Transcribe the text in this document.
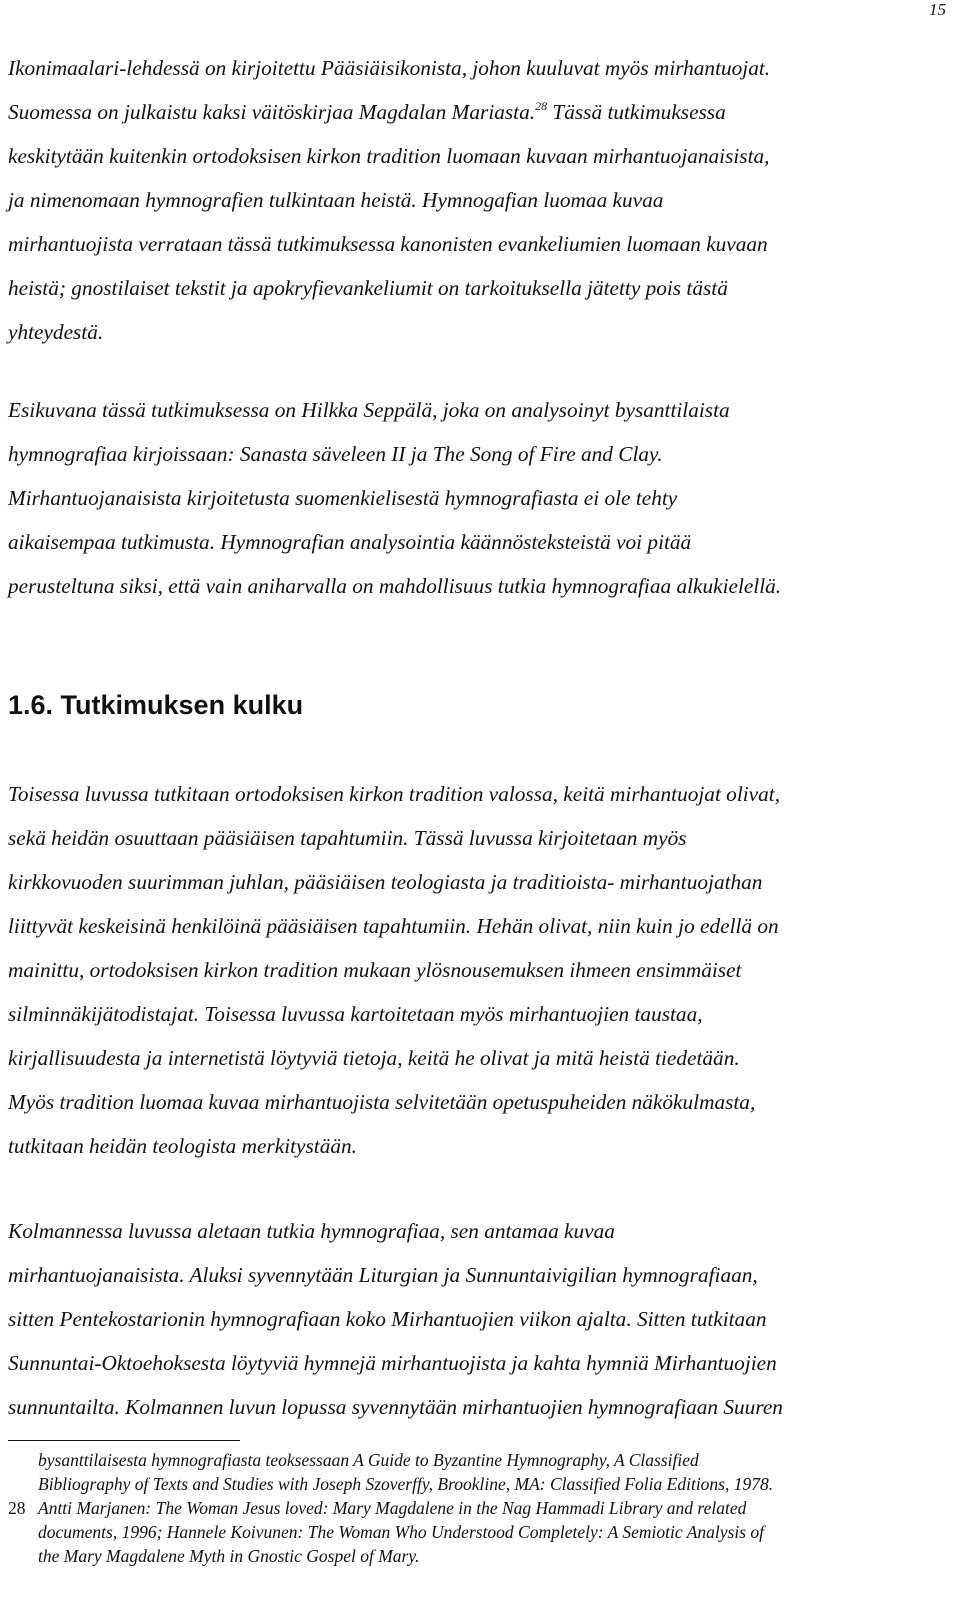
15

Ikonimaalari-lehdessä on kirjoitettu Pääsiäisikonista, johon kuuluvat myös mirhantuojat.
Suomessa on julkaistu kaksi väitöskirjaa Magdalan Mariasta.$^{28}$ Tässä tutkimuksessa
keskitytään kuitenkin ortodoksisen kirkon tradition luomaan kuvaan mirhantuojanaisista,
ja nimenomaan hymnografien tulkintaan heistä. Hymnogafian luomaa kuvaa
mirhantuojista verrataan tässä tutkimuksessa kanonisten evankeliumien luomaan kuvaan
heistä; gnostilaiset tekstit ja apokryfievankeliumit on tarkoituksella jätetty pois tästä
yhteydestä.

Esikuvana tässä tutkimuksessa on Hilkka Seppälä, joka on analysoinyt bysanttilaista
hymnografiaa kirjoissaan: Sanasta säveleen II ja The Song of Fire and Clay.
Mirhantuojanaisista kirjoitetusta suomenkielisestä hymnografiasta ei ole tehty
aikaisempaa tutkimusta. Hymnografian analysointia käännösteksteistä voi pitää
perusteltuna siksi, että vain aniharvalla on mahdollisuus tutkia hymnografiaa alkukielellä.

1.6. Tutkimuksen kulku

Toisessa luvussa tutkitaan ortodoksisen kirkon tradition valossa, keitä mirhantuojat olivat,
sekä heidän osuuttaan pääsiäisen tapahtumiin. Tässä luvussa kirjoitetaan myös
kirkkovuoden suurimman juhlan, pääsiäisen teologiasta ja traditioista- mirhantuojathan
liittyvät keskeisinä henkilöinä pääsiäisen tapahtumiin. Hehän olivat, niin kuin jo edellä on
mainittu, ortodoksisen kirkon tradition mukaan ylösnousemuksen ihmeen ensimmäiset
silminnäkijätodistajat. Toisessa luvussa kartoitetaan myös mirhantuojien taustaa,
kirjallisuudesta ja internetistä löytyviä tietoja, keitä he olivat ja mitä heistä tiedetään.
Myös tradition luomaa kuvaa mirhantuojista selvitetään opetuspuheiden näkökulmasta,
tutkitaan heidän teologista merkitystään.

Kolmannessa luvussa aletaan tutkia hymnografiaa, sen antamaa kuvaa
mirhantuojanaisista. Aluksi syvennytään Liturgian ja Sunnuntaivigilian hymnografiaan,
sitten Pentekostarionin hymnografiaan koko Mirhantuojien viikon ajalta. Sitten tutkitaan
Sunnuntai-Oktoehoksesta löytyviä hymnejä mirhantuojista ja kahta hymniä Mirhantuojien
sunnuntailta. Kolmannen luvun lopussa syvennytään mirhantuojien hymnografiaan Suuren

bysanttilaisesta hymnografiasta teoksessaan A Guide to Byzantine Hymnography, A Classified
Bibliography of Texts and Studies with Joseph Szoverffy, Brookline, MA: Classified Folia Editions, 1978.

28 Antti Marjanen: The Woman Jesus loved: Mary Magdalene in the Nag Hammadi Library and related
documents, 1996; Hannele Koivunen: The Woman Who Understood Completely: A Semiotic Analysis of
the Mary Magdalene Myth in Gnostic Gospel of Mary.
